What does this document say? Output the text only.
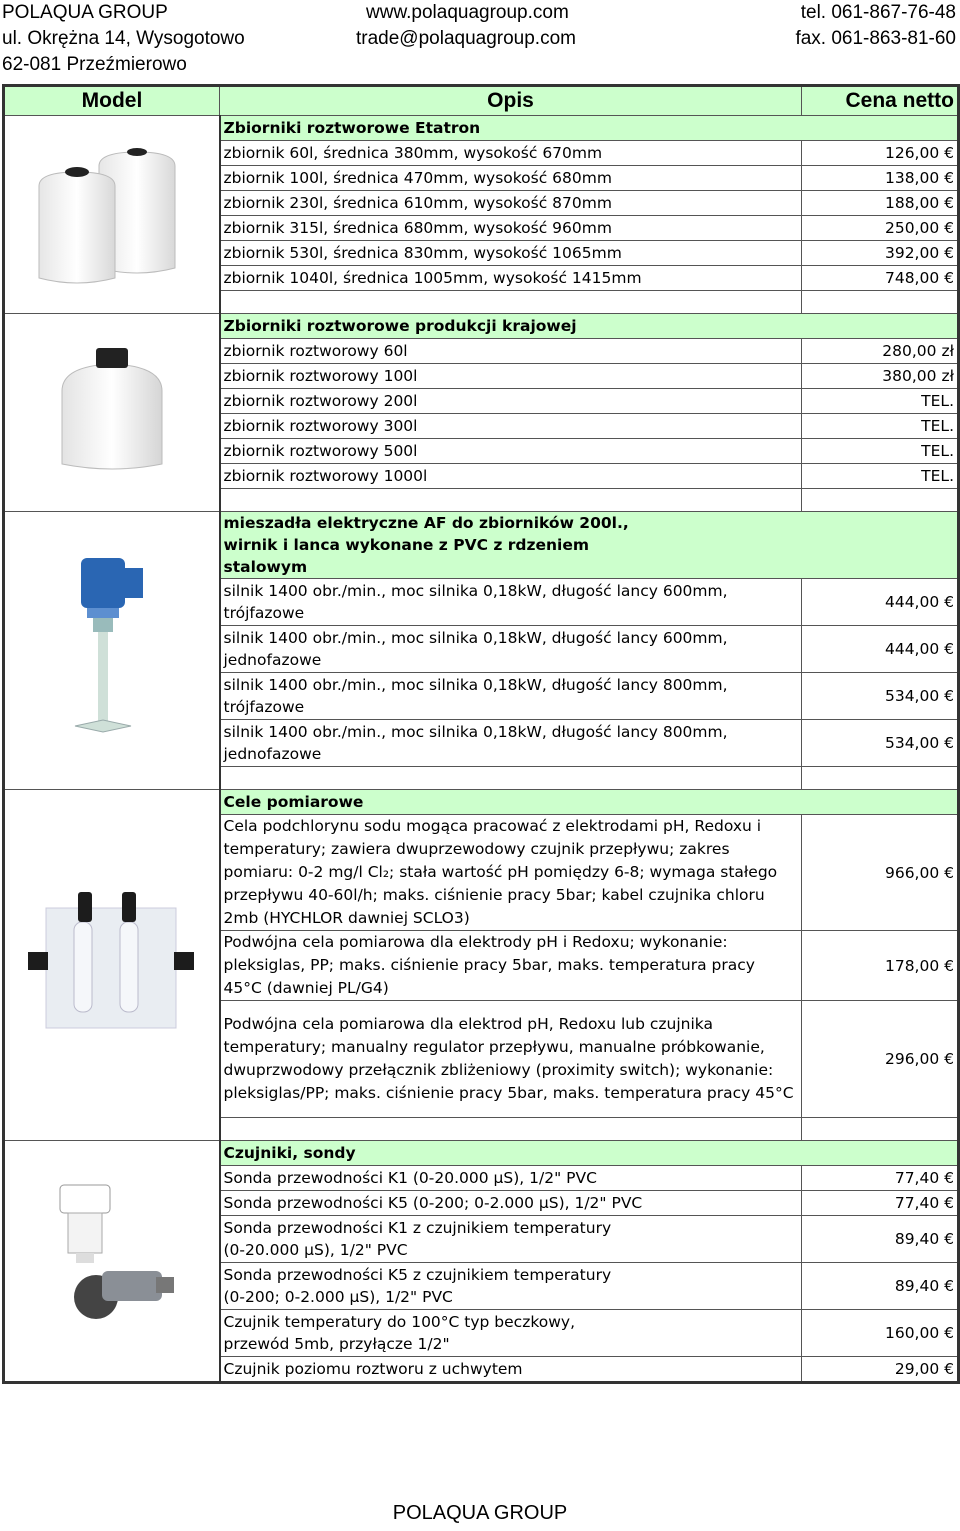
POLAQUA GROUP
ul. Okrężna 14, Wysogotowo
62-081 Przeźmierowo
www.polaquagroup.com
trade@polaquagroup.com
tel. 061-867-76-48
fax. 061-863-81-60
Model	Opis	Cena netto

	Zbiorniki roztworowe Etatron	
	zbiornik 60l, średnica 380mm, wysokość 670mm	126,00 €
	zbiornik 100l, średnica 470mm, wysokość 680mm	138,00 €
	zbiornik 230l, średnica 610mm, wysokość 870mm	188,00 €
	zbiornik 315l, średnica 680mm, wysokość 960mm	250,00 €
	zbiornik 530l, średnica 830mm, wysokość 1065mm	392,00 €
	zbiornik 1040l, średnica 1005mm, wysokość 1415mm	748,00 €

	Zbiorniki roztworowe produkcji krajowej	
	zbiornik roztworowy 60l	280,00 zł
	zbiornik roztworowy 100l	380,00 zł
	zbiornik roztworowy 200l	TEL.
	zbiornik roztworowy 300l	TEL.
	zbiornik roztworowy 500l	TEL.
	zbiornik roztworowy 1000l	TEL.

	mieszadła elektryczne AF do zbiorników 200l., wirnik i lanca wykonane z PVC z rdzeniem stalowym	
	silnik 1400 obr./min., moc silnika 0,18kW, długość lancy 600mm, trójfazowe	444,00 €
	silnik 1400 obr./min., moc silnika 0,18kW, długość lancy 600mm, jednofazowe	444,00 €
	silnik 1400 obr./min., moc silnika 0,18kW, długość lancy 800mm, trójfazowe	534,00 €
	silnik 1400 obr./min., moc silnika 0,18kW, długość lancy 800mm, jednofazowe	534,00 €

	Cele pomiarowe	
	Cela podchlorynu sodu mogąca pracować z elektrodami pH, Redoxu i temperatury; zawiera dwuprzewodowy czujnik przepływu; zakres pomiaru: 0-2 mg/l Cl₂; stała wartość pH pomiędzy 6-8; wymaga stałego przepływu 40-60l/h; maks. ciśnienie pracy 5bar; kabel czujnika chloru 2mb (HYCHLOR dawniej SCLO3)	966,00 €
	Podwójna cela pomiarowa dla elektrody pH i Redoxu; wykonanie: pleksiglas, PP; maks. ciśnienie pracy 5bar, maks. temperatura pracy 45°C (dawniej PL/G4)	178,00 €
	Podwójna cela pomiarowa dla elektrod pH, Redoxu lub czujnika temperatury; manualny regulator przepływu, manualne próbkowanie, dwuprzwodowy przełącznik zbliżeniowy (proximity switch); wykonanie: pleksiglas/PP; maks. ciśnienie pracy 5bar, maks. temperatura pracy 45°C	296,00 €

	Czujniki, sondy	
	Sonda przewodności K1 (0-20.000 µS), 1/2" PVC	77,40 €
	Sonda przewodności K5 (0-200; 0-2.000 µS), 1/2" PVC	77,40 €
	Sonda przewodności K1 z czujnikiem temperatury (0-20.000 µS), 1/2" PVC	89,40 €
	Sonda przewodności K5 z czujnikiem temperatury (0-200; 0-2.000 µS), 1/2" PVC	89,40 €
	Czujnik temperatury do 100°C typ beczkowy, przewód 5mb, przyłącze 1/2"	160,00 €
	Czujnik poziomu roztworu z uchwytem	29,00 €
POLAQUA GROUP
